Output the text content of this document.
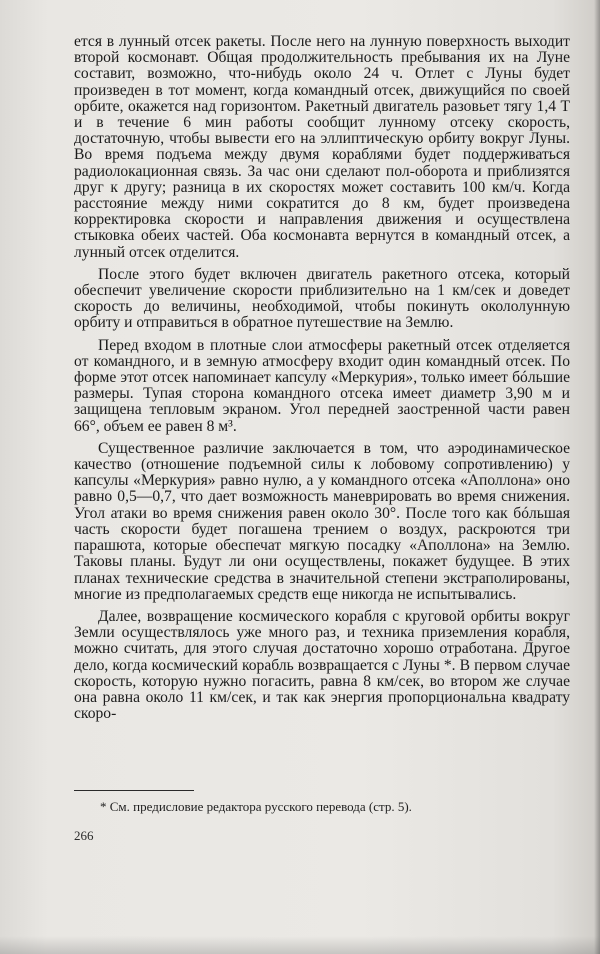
ется в лунный отсек ракеты. После него на лунную поверхность выходит второй космонавт. Общая продолжительность пребывания их на Луне составит, возможно, что-нибудь около 24 ч. Отлет с Луны будет произведен в тот момент, когда командный отсек, движущийся по своей орбите, окажется над горизонтом. Ракетный двигатель разовьет тягу 1,4 Т и в течение 6 мин работы сообщит лунному отсеку скорость, достаточную, чтобы вывести его на эллиптическую орбиту вокруг Луны. Во время подъема между двумя кораблями будет поддерживаться радиолокационная связь. За час они сделают пол-оборота и приблизятся друг к другу; разница в их скоростях может составить 100 км/ч. Когда расстояние между ними сократится до 8 км, будет произведена корректировка скорости и направления движения и осуществлена стыковка обеих частей. Оба космонавта вернутся в командный отсек, а лунный отсек отделится.

После этого будет включен двигатель ракетного отсека, который обеспечит увеличение скорости приблизительно на 1 км/сек и доведет скорость до величины, необходимой, чтобы покинуть окололунную орбиту и отправиться в обратное путешествие на Землю.

Перед входом в плотные слои атмосферы ракетный отсек отделяется от командного, и в земную атмосферу входит один командный отсек. По форме этот отсек напоминает капсулу «Меркурия», только имеет бóльшие размеры. Тупая сторона командного отсека имеет диаметр 3,90 м и защищена тепловым экраном. Угол передней заостренной части равен 66°, объем ее равен 8 м³.

Существенное различие заключается в том, что аэродинамическое качество (отношение подъемной силы к лобовому сопротивлению) у капсулы «Меркурия» равно нулю, а у командного отсека «Аполлона» оно равно 0,5—0,7, что дает возможность маневрировать во время снижения. Угол атаки во время снижения равен около 30°. После того как бóльшая часть скорости будет погашена трением о воздух, раскроются три парашюта, которые обеспечат мягкую посадку «Аполлона» на Землю. Таковы планы. Будут ли они осуществлены, покажет будущее. В этих планах технические средства в значительной степени экстраполированы, многие из предполагаемых средств еще никогда не испытывались.

Далее, возвращение космического корабля с круговой орбиты вокруг Земли осуществлялось уже много раз, и техника приземления корабля, можно считать, для этого случая достаточно хорошо отработана. Другое дело, когда космический корабль возвращается с Луны *. В первом случае скорость, которую нужно погасить, равна 8 км/сек, во втором же случае она равна около 11 км/сек, и так как энергия пропорциональна квадрату скоро-

* См. предисловие редактора русского перевода (стр. 5).
266
